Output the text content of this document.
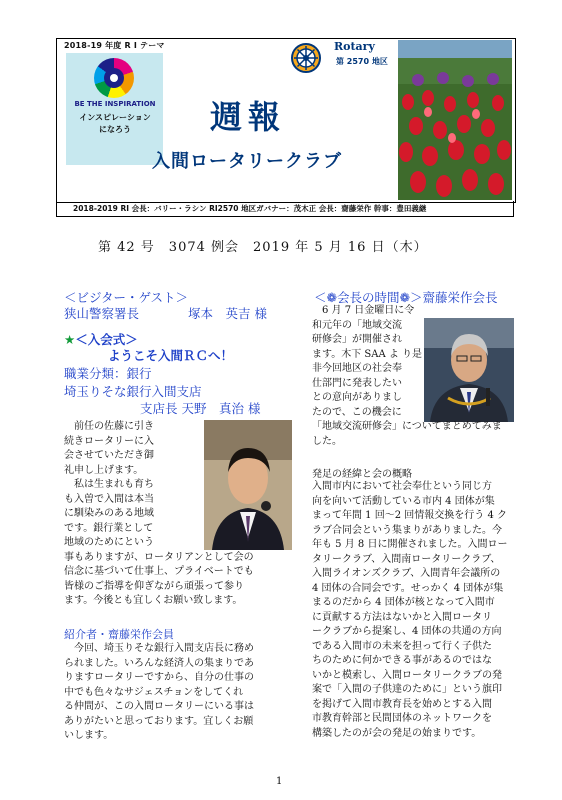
2018-19 年度 R I テーマ
BE THE INSPIRATION
インスピレーション
になろう	週報
入間ロータリークラブ
Rotary
第 2570 地区
2018-2019 RI 会長：バリー・ラシン RI2570 地区ガバナー：茂木正 会長：齋藤栄作 幹事：豊田義継
第 42 号　3074 例会　2019 年 5 月 16 日（木）
＜ビジター・ゲスト＞
狭山警察署長	塚本　英吉 様
★＜入会式＞
ようこそ入間ＲＣへ！
職業分類：銀行
埼玉りそな銀行入間支店
支店長 天野　真治 様
　前任の佐藤に引き
続きロータリーに入
会させていただき御
礼申し上げます。
　私は生まれも育ち
も入曽で入間は本当
に馴染みのある地域
です。銀行業として
地域のためにという
事もありますが、ロータリアンとして会の
信念に基づいて仕事上、プライベートでも
皆様のご指導を仰ぎながら頑張って参り
ます。今後とも宜しくお願い致します。
紹介者・齋藤栄作会員
　今回、埼玉りそな銀行入間支店長に務め
られました。いろんな経済人の集まりであ
りますロータリーですから、自分の仕事の
中でも色々なサジェスチョンをしてくれ
る仲間が、この入間ロータリーにいる事は
ありがたいと思っております。宜しくお願
いします。
＜❁会長の時間❁＞齋藤栄作会長
　6 月 7 日金曜日に令
和元年の「地域交流
研修会」が開催され
ます。木下 SAA よ り是
非今回地区の社会奉
仕部門に発表したい
との意向がありまし
たので、この機会に
「地域交流研修会」についてまとめてみま
した。
発足の経緯と会の概略
入間市内において社会奉仕という同じ方
向を向いて活動している市内 4 団体が集
まって年間 1 回～2 回情報交換を行う 4 ク
ラブ合同会という集まりがありました。今
年も 5 月 8 日に開催されました。入間ロー
タリークラブ、入間南ロータリークラブ、
入間ライオンズクラブ、入間青年会議所の
4 団体の合同会です。せっかく 4 団体が集
まるのだから 4 団体が核となって入間市
に貢献する方法はないかと入間ロータリ
ークラブから提案し、4 団体の共通の方向
である入間市の未来を担って行く子供た
ちのために何かできる事があるのではな
いかと模索し、入間ロータリークラブの発
案で「入間の子供達のために」という旗印
を掲げて入間市教育長を始めとする入間
市教育幹部と民間団体のネットワークを
構築したのが会の発足の始まりです。
1
